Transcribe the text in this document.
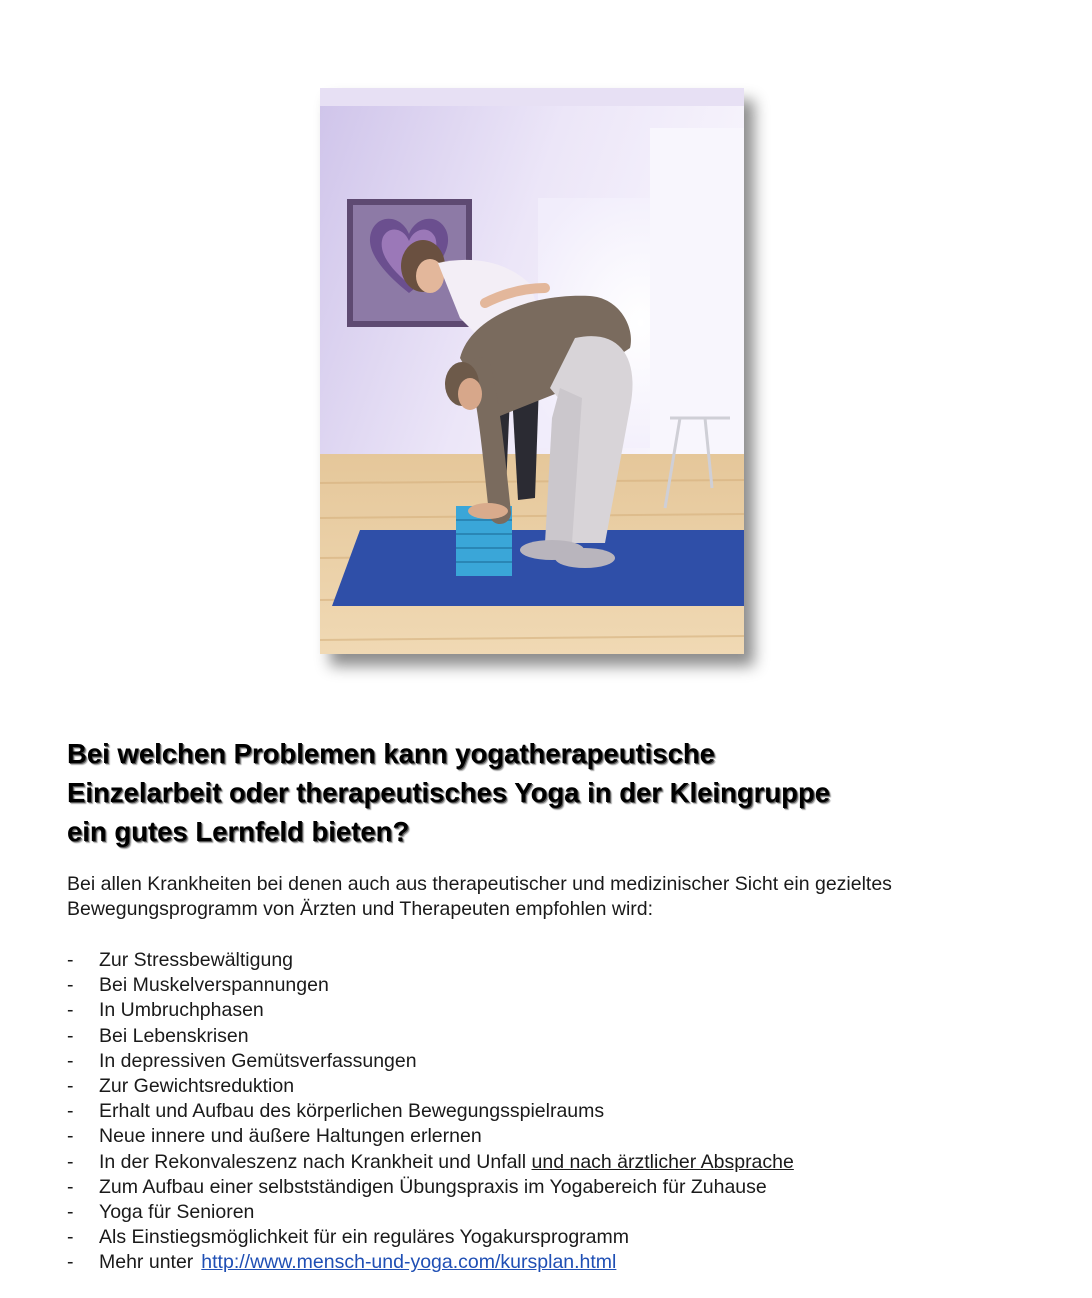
Bei welchen Problemen kann yogatherapeutische
Einzelarbeit oder therapeutisches Yoga in der Kleingruppe
ein gutes Lernfeld bieten?

Bei allen Krankheiten bei denen auch aus therapeutischer und medizinischer Sicht ein gezieltes
Bewegungsprogramm von Ärzten und Therapeuten empfohlen wird:

- Zur Stressbewältigung
- Bei Muskelverspannungen
- In Umbruchphasen
- Bei Lebenskrisen
- In depressiven Gemütsverfassungen
- Zur Gewichtsreduktion
- Erhalt und Aufbau des körperlichen Bewegungsspielraums
- Neue innere und äußere Haltungen erlernen
- In der Rekonvaleszenz nach Krankheit und Unfall und nach ärztlicher Absprache
- Zum Aufbau einer selbstständigen Übungspraxis im Yogabereich für Zuhause
- Yoga für Senioren
- Als Einstiegsmöglichkeit für ein reguläres Yogakursprogramm
- Mehr unter http://www.mensch-und-yoga.com/kursplan.html
